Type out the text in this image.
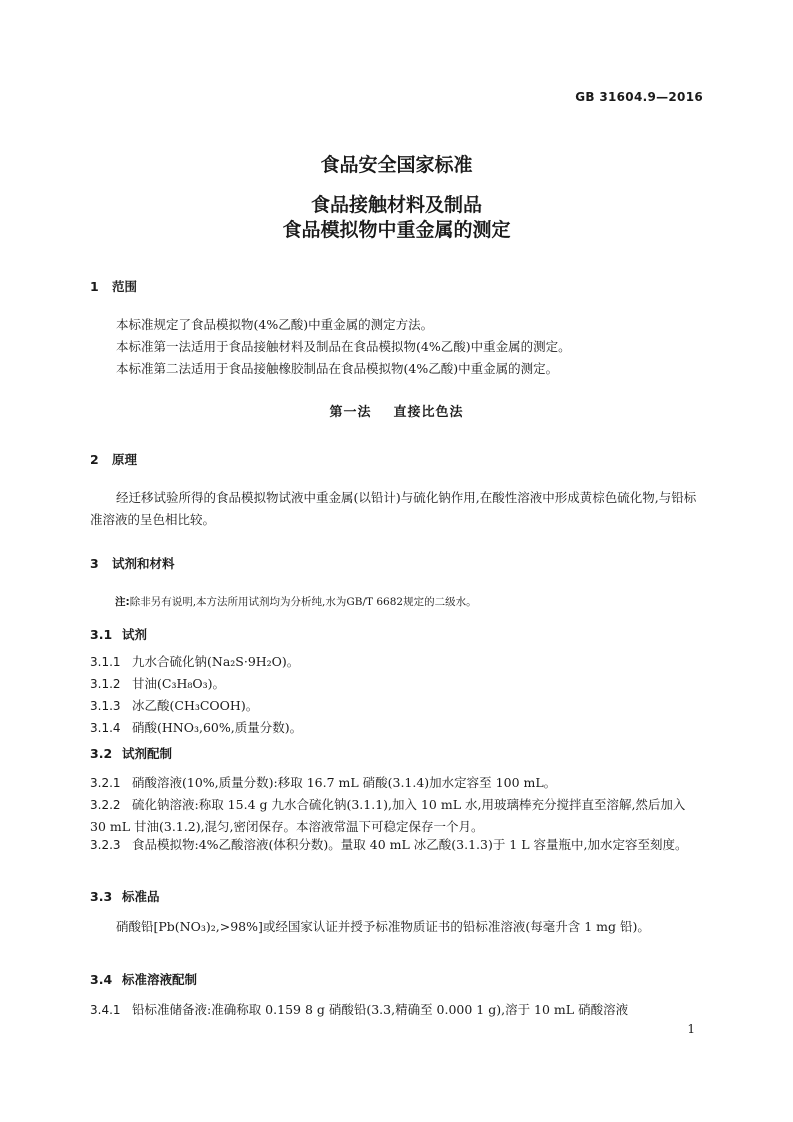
GB 31604.9—2016
食品安全国家标准
食品接触材料及制品
食品模拟物中重金属的测定
1 范围
本标准规定了食品模拟物(4%乙酸)中重金属的测定方法。
本标准第一法适用于食品接触材料及制品在食品模拟物(4%乙酸)中重金属的测定。
本标准第二法适用于食品接触橡胶制品在食品模拟物(4%乙酸)中重金属的测定。
第一法 直接比色法
2 原理
经迁移试验所得的食品模拟物试液中重金属(以铅计)与硫化钠作用,在酸性溶液中形成黄棕色硫化物,与铅标准溶液的呈色相比较。
3 试剂和材料
注:除非另有说明,本方法所用试剂均为分析纯,水为GB/T 6682规定的二级水。
3.1 试剂
3.1.1 九水合硫化钠(Na₂S·9H₂O)。
3.1.2 甘油(C₃H₈O₃)。
3.1.3 冰乙酸(CH₃COOH)。
3.1.4 硝酸(HNO₃,60%,质量分数)。
3.2 试剂配制
3.2.1 硝酸溶液(10%,质量分数):移取 16.7 mL 硝酸(3.1.4)加水定容至 100 mL。
3.2.2 硫化钠溶液:称取 15.4 g 九水合硫化钠(3.1.1),加入 10 mL 水,用玻璃棒充分搅拌直至溶解,然后加入 30 mL 甘油(3.1.2),混匀,密闭保存。本溶液常温下可稳定保存一个月。
3.2.3 食品模拟物:4%乙酸溶液(体积分数)。量取 40 mL 冰乙酸(3.1.3)于 1 L 容量瓶中,加水定容至刻度。
3.3 标准品
硝酸铅[Pb(NO₃)₂,>98%]或经国家认证并授予标准物质证书的铅标准溶液(每毫升含 1 mg 铅)。
3.4 标准溶液配制
3.4.1 铅标准储备液:准确称取 0.159 8 g 硝酸铅(3.3,精确至 0.000 1 g),溶于 10 mL 硝酸溶液
1
